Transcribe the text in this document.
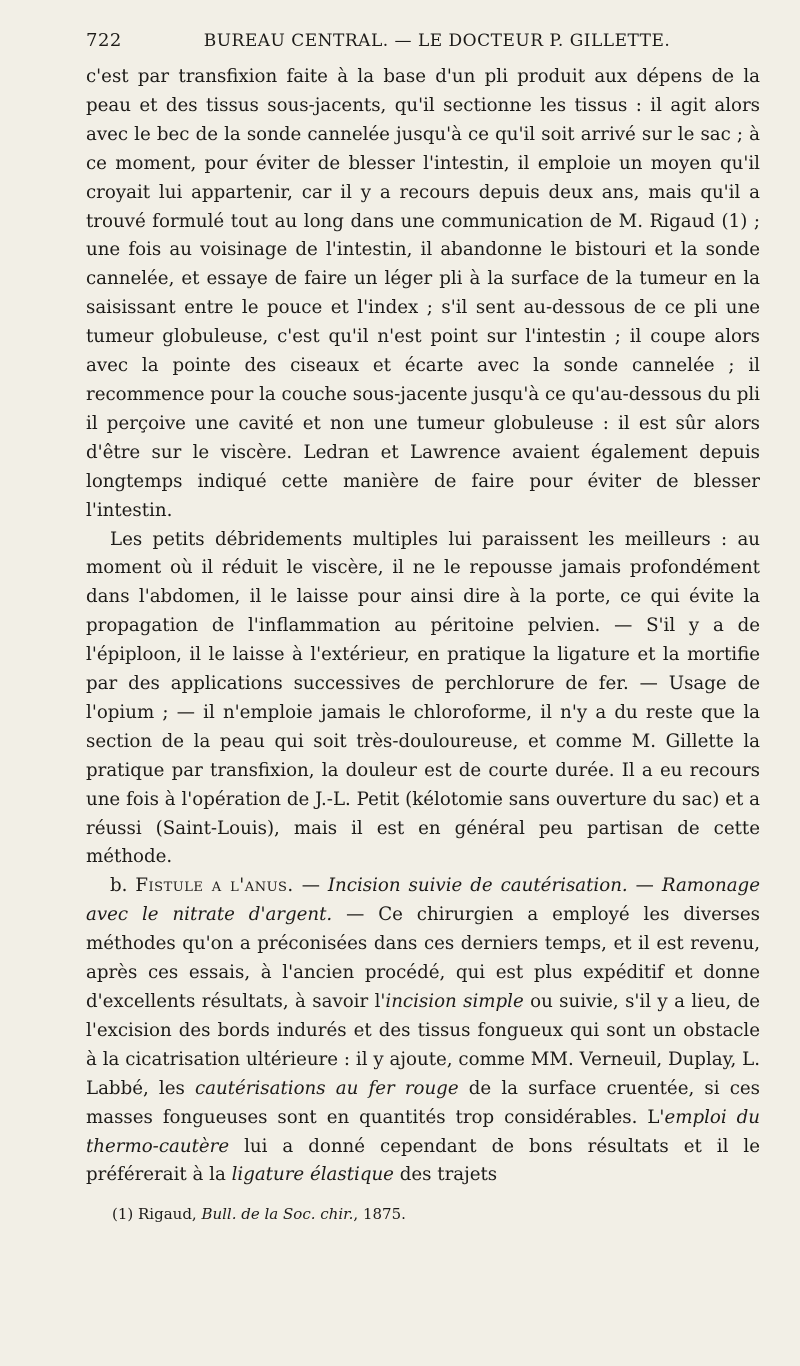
722	BUREAU CENTRAL. — LE DOCTEUR P. GILLETTE.

c'est par transfixion faite à la base d'un pli produit aux dépens de la peau et des tissus sous-jacents, qu'il sectionne les tissus : il agit alors avec le bec de la sonde cannelée jusqu'à ce qu'il soit arrivé sur le sac ; à ce moment, pour éviter de blesser l'intestin, il emploie un moyen qu'il croyait lui appartenir, car il y a recours depuis deux ans, mais qu'il a trouvé formulé tout au long dans une communication de M. Rigaud (1) ; une fois au voisinage de l'intestin, il abandonne le bistouri et la sonde cannelée, et essaye de faire un léger pli à la surface de la tumeur en la saisissant entre le pouce et l'index ; s'il sent au-dessous de ce pli une tumeur globuleuse, c'est qu'il n'est point sur l'intestin ; il coupe alors avec la pointe des ciseaux et écarte avec la sonde cannelée ; il recommence pour la couche sous-jacente jusqu'à ce qu'au-dessous du pli il perçoive une cavité et non une tumeur globuleuse : il est sûr alors d'être sur le viscère. Ledran et Lawrence avaient également depuis longtemps indiqué cette manière de faire pour éviter de blesser l'intestin.

Les petits débridements multiples lui paraissent les meilleurs : au moment où il réduit le viscère, il ne le repousse jamais profondément dans l'abdomen, il le laisse pour ainsi dire à la porte, ce qui évite la propagation de l'inflammation au péritoine pelvien. — S'il y a de l'épiploon, il le laisse à l'extérieur, en pratique la ligature et la mortifie par des applications successives de perchlorure de fer. — Usage de l'opium ; — il n'emploie jamais le chloroforme, il n'y a du reste que la section de la peau qui soit très-douloureuse, et comme M. Gillette la pratique par transfixion, la douleur est de courte durée. Il a eu recours une fois à l'opération de J.-L. Petit (kélotomie sans ouverture du sac) et a réussi (Saint-Louis), mais il est en général peu partisan de cette méthode.

b. Fistule a l'anus. — Incision suivie de cautérisation. — Ramonage avec le nitrate d'argent. — Ce chirurgien a employé les diverses méthodes qu'on a préconisées dans ces derniers temps, et il est revenu, après ces essais, à l'ancien procédé, qui est plus expéditif et donne d'excellents résultats, à savoir l'incision simple ou suivie, s'il y a lieu, de l'excision des bords indurés et des tissus fongueux qui sont un obstacle à la cicatrisation ultérieure : il y ajoute, comme MM. Verneuil, Duplay, L. Labbé, les cautérisations au fer rouge de la surface cruentée, si ces masses fongueuses sont en quantités trop considérables. L'emploi du thermo-cautère lui a donné cependant de bons résultats et il le préférerait à la ligature élastique des trajets

(1) Rigaud, Bull. de la Soc. chir., 1875.
